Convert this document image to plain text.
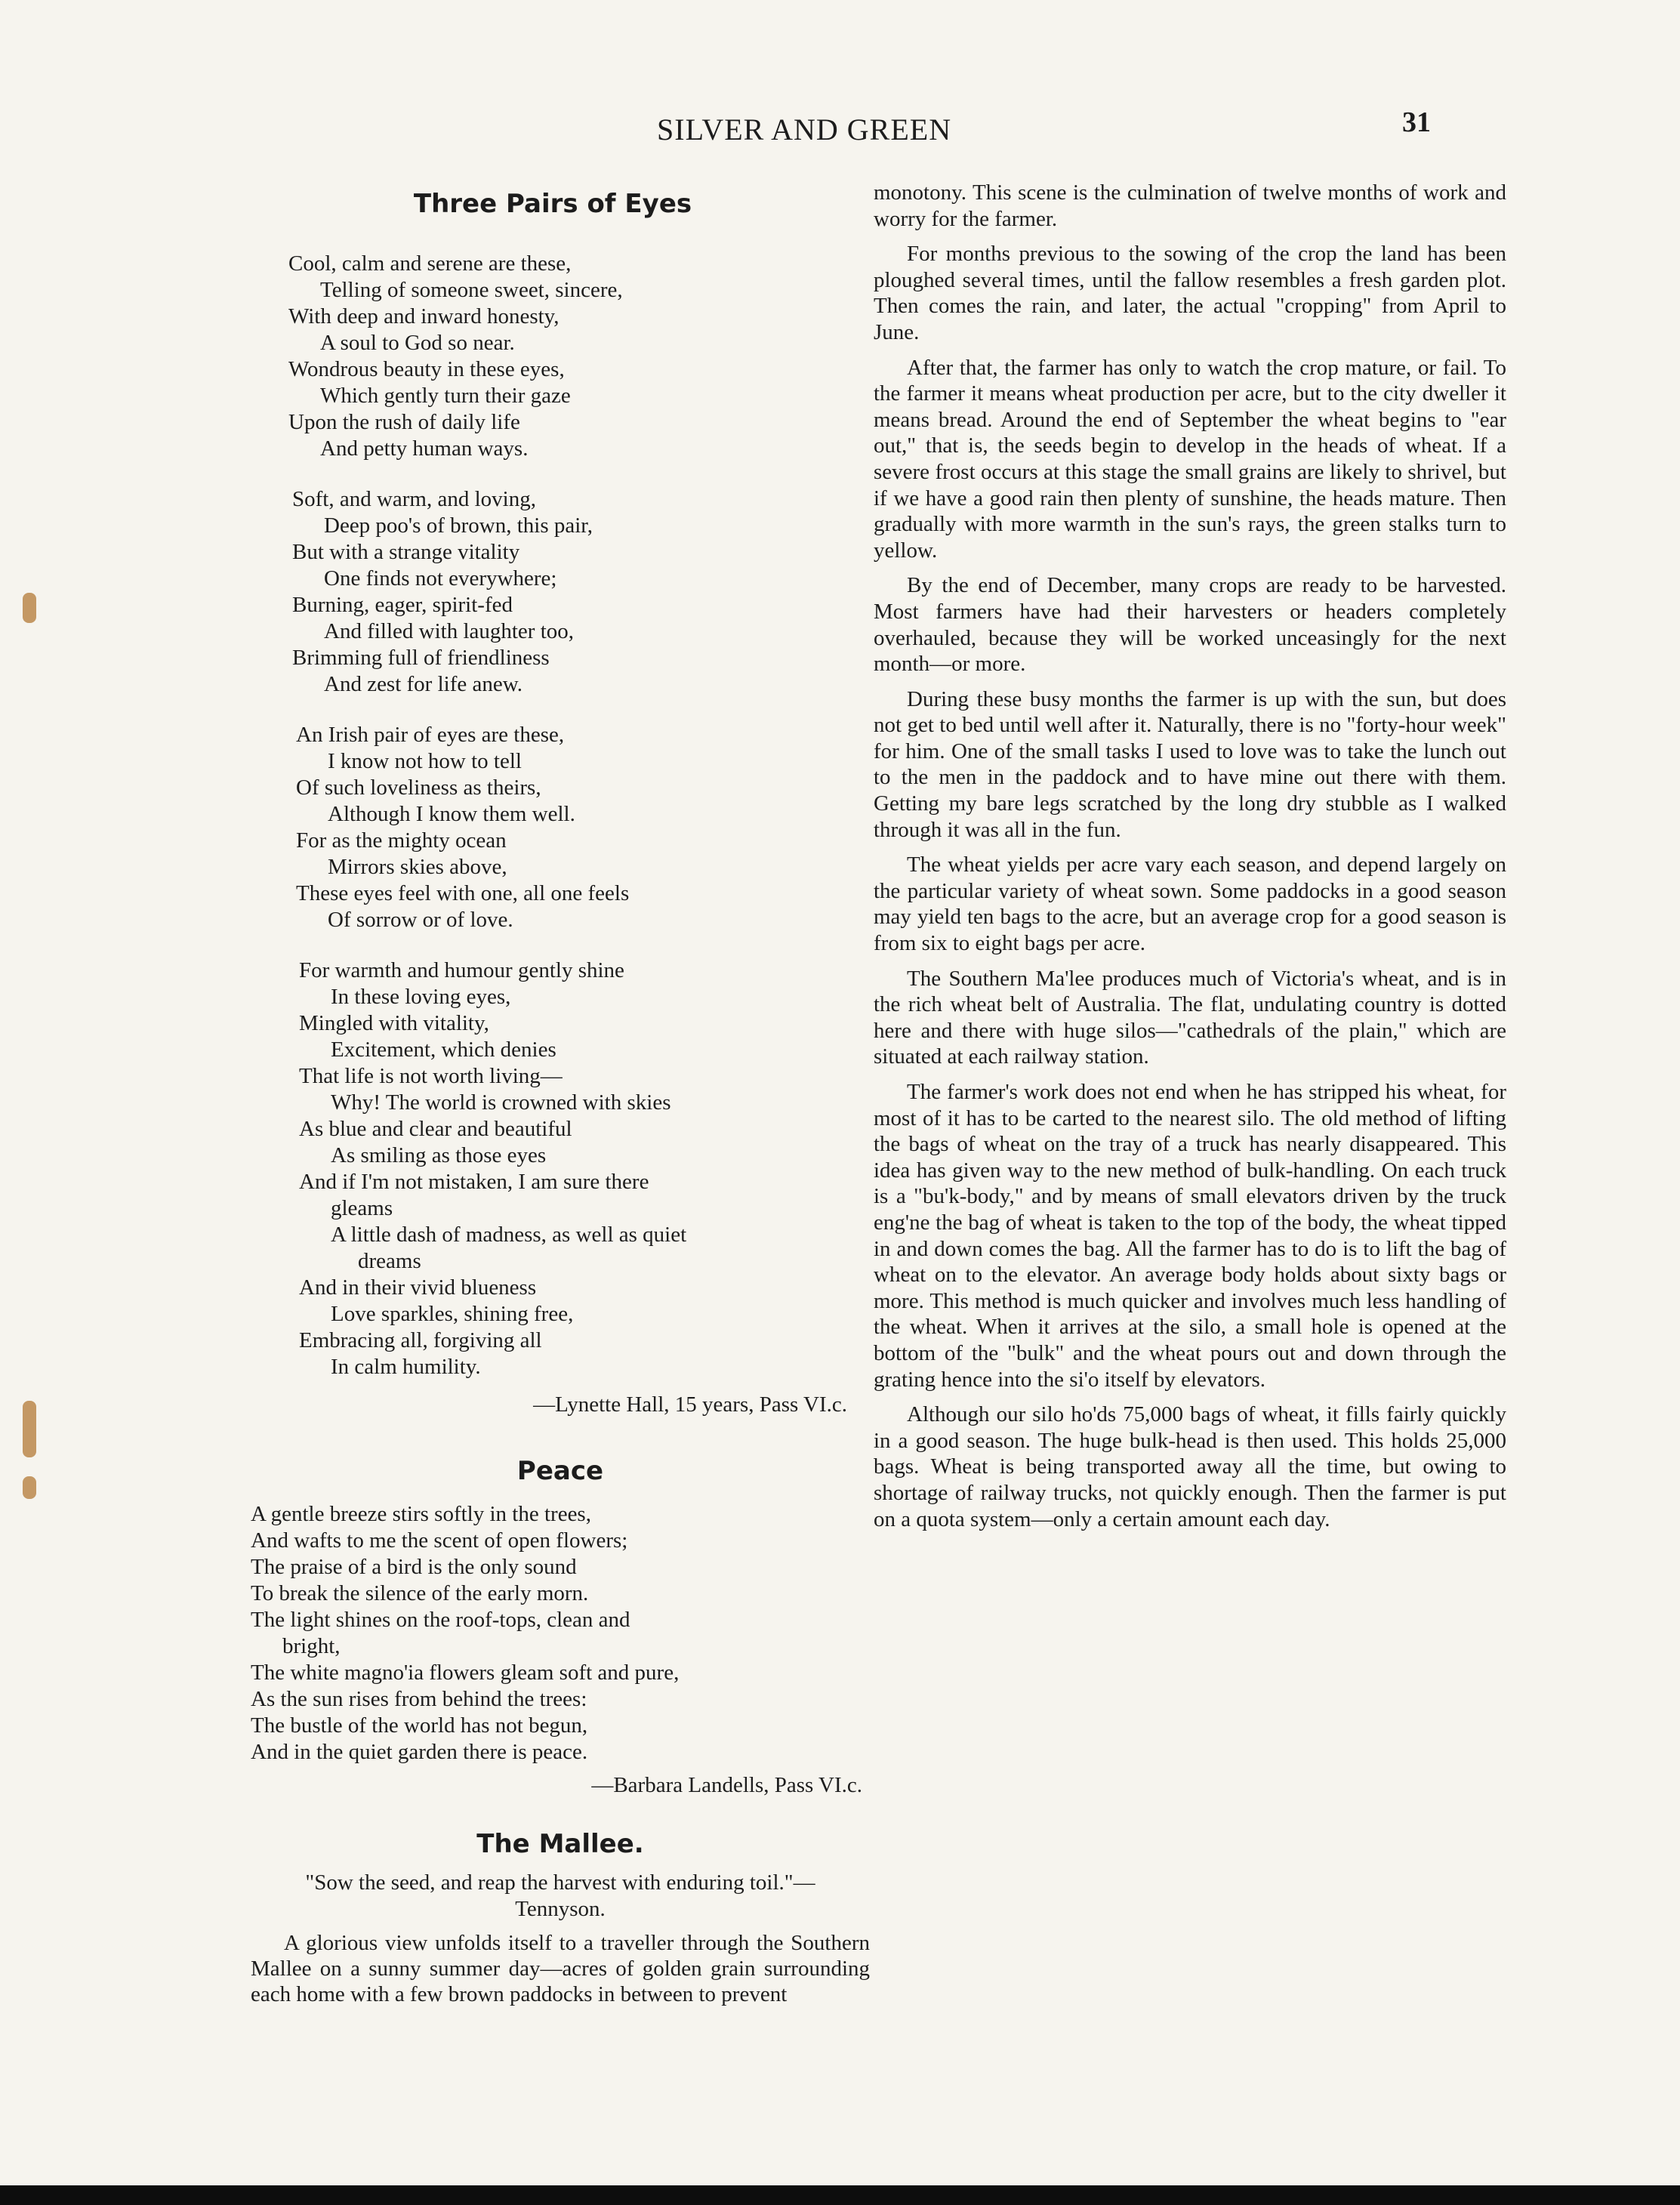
SILVER AND GREEN	31
Three Pairs of Eyes
Cool, calm and serene are these,
Telling of someone sweet, sincere,
With deep and inward honesty,
A soul to God so near.
Wondrous beauty in these eyes,
Which gently turn their gaze
Upon the rush of daily life
And petty human ways.
Soft, and warm, and loving,
Deep poo's of brown, this pair,
But with a strange vitality
One finds not everywhere;
Burning, eager, spirit-fed
And filled with laughter too,
Brimming full of friendliness
And zest for life anew.
An Irish pair of eyes are these,
I know not how to tell
Of such loveliness as theirs,
Although I know them well.
For as the mighty ocean
Mirrors skies above,
These eyes feel with one, all one feels
Of sorrow or of love.
For warmth and humour gently shine
In these loving eyes,
Mingled with vitality,
Excitement, which denies
That life is not worth living—
Why! The world is crowned with skies
As blue and clear and beautiful
As smiling as those eyes
And if I'm not mistaken, I am sure there
gleams
A little dash of madness, as well as quiet
dreams
And in their vivid blueness
Love sparkles, shining free,
Embracing all, forgiving all
In calm humility.

—Lynette Hall, 15 years, Pass VI.c.

Peace
A gentle breeze stirs softly in the trees,
And wafts to me the scent of open flowers;
The praise of a bird is the only sound
To break the silence of the early morn.
The light shines on the roof-tops, clean and
bright,
The white magno'ia flowers gleam soft and pure,
As the sun rises from behind the trees:
The bustle of the world has not begun,
And in the quiet garden there is peace.

—Barbara Landells, Pass VI.c.

The Mallee.

"Sow the seed, and reap the harvest with enduring toil."—Tennyson.

A glorious view unfolds itself to a traveller through the Southern Mallee on a sunny summer day—acres of golden grain surrounding each home with a few brown paddocks in between to prevent

monotony. This scene is the culmination of twelve months of work and worry for the farmer.

For months previous to the sowing of the crop the land has been ploughed several times, until the fallow resembles a fresh garden plot. Then comes the rain, and later, the actual "cropping" from April to June.

After that, the farmer has only to watch the crop mature, or fail. To the farmer it means wheat production per acre, but to the city dweller it means bread. Around the end of September the wheat begins to "ear out," that is, the seeds begin to develop in the heads of wheat. If a severe frost occurs at this stage the small grains are likely to shrivel, but if we have a good rain then plenty of sunshine, the heads mature. Then gradually with more warmth in the sun's rays, the green stalks turn to yellow.

By the end of December, many crops are ready to be harvested. Most farmers have had their harvesters or headers completely overhauled, because they will be worked unceasingly for the next month—or more.

During these busy months the farmer is up with the sun, but does not get to bed until well after it. Naturally, there is no "forty-hour week" for him. One of the small tasks I used to love was to take the lunch out to the men in the paddock and to have mine out there with them. Getting my bare legs scratched by the long dry stubble as I walked through it was all in the fun.

The wheat yields per acre vary each season, and depend largely on the particular variety of wheat sown. Some paddocks in a good season may yield ten bags to the acre, but an average crop for a good season is from six to eight bags per acre.

The Southern Ma'lee produces much of Victoria's wheat, and is in the rich wheat belt of Australia. The flat, undulating country is dotted here and there with huge silos—"cathedrals of the plain," which are situated at each railway station.

The farmer's work does not end when he has stripped his wheat, for most of it has to be carted to the nearest silo. The old method of lifting the bags of wheat on the tray of a truck has nearly disappeared. This idea has given way to the new method of bulk-handling. On each truck is a "bu'k-body," and by means of small elevators driven by the truck eng'ne the bag of wheat is taken to the top of the body, the wheat tipped in and down comes the bag. All the farmer has to do is to lift the bag of wheat on to the elevator. An average body holds about sixty bags or more. This method is much quicker and involves much less handling of the wheat. When it arrives at the silo, a small hole is opened at the bottom of the "bulk" and the wheat pours out and down through the grating hence into the si'o itself by elevators.

Although our silo ho'ds 75,000 bags of wheat, it fills fairly quickly in a good season. The huge bulk-head is then used. This holds 25,000 bags. Wheat is being transported away all the time, but owing to shortage of railway trucks, not quickly enough. Then the farmer is put on a quota system—only a certain amount each day.
